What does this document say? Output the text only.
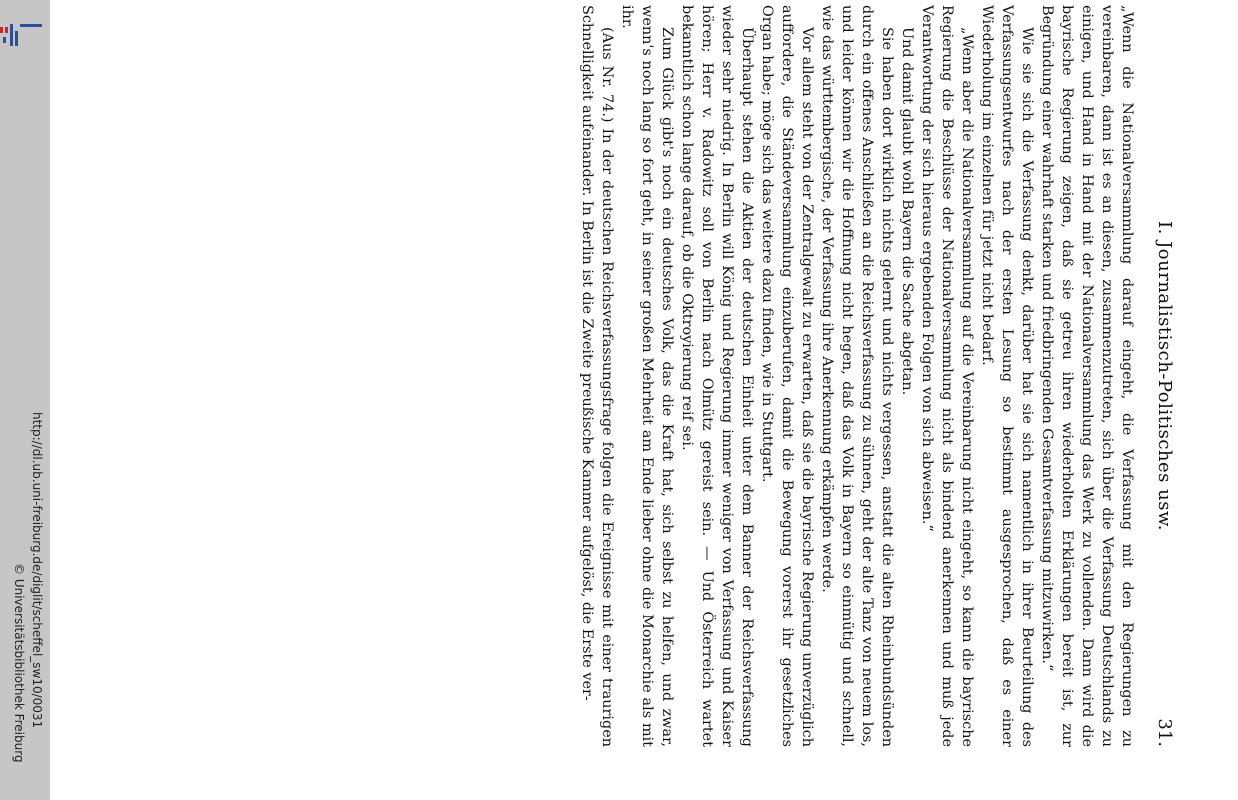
http://dl.ub.uni-freiburg.de/diglit/scheffel_sw10/0031
© Universitätsbibliothek Freiburg
I. Journalistisch-Politisches usw.
31.

„Wenn die Nationalversammlung darauf eingeht, die Verfassung mit den Regierungen zu vereinbaren, dann ist es an diesen, zusammenzutreten, sich über die Verfassung Deutschlands zu einigen, und Hand in Hand mit der Nationalversammlung das Werk zu vollenden. Dann wird die bayrische Regierung zeigen, daß sie getreu ihren wiederholten Erklärungen bereit ist, zur Begründung einer wahrhaft starken und friedbringenden Gesamtverfassung mitzuwirken.“

Wie sie sich die Verfassung denkt, darüber hat sie sich namentlich in ihrer Beurteilung des Verfassungsentwurfes nach der ersten Lesung so bestimmt ausgesprochen, daß es einer Wiederholung im einzelnen für jetzt nicht bedarf.

„Wenn aber die Nationalversammlung auf die Vereinbarung nicht eingeht, so kann die bayrische Regierung die Beschlüsse der Nationalversammlung nicht als bindend anerkennen und muß jede Verantwortung der sich hieraus ergebenden Folgen von sich abweisen.“

Und damit glaubt wohl Bayern die Sache abgetan.

Sie haben dort wirklich nichts gelernt und nichts vergessen, anstatt die alten Rheinbundsünden durch ein offenes Anschließen an die Reichsverfassung zu sühnen, geht der alte Tanz von neuem los, und leider können wir die Hoffnung nicht hegen, daß das Volk in Bayern so einmütig und schnell, wie das württembergische, der Verfassung ihre Anerkennung erkämpfen werde.

Vor allem steht von der Zentralgewalt zu erwarten, daß sie die bayrische Regierung unverzüglich auffordere, die Ständeversammlung einzuberufen, damit die Bewegung vorerst ihr gesetzliches Organ habe; möge sich das weitere dazu finden, wie in Stuttgart.

Überhaupt stehen die Aktien der deutschen Einheit unter dem Banner der Reichsverfassung wieder sehr niedrig. In Berlin will König und Regierung immer weniger von Verfassung und Kaiser hören; Herr v. Radowitz soll von Berlin nach Olmütz gereist sein. — Und Österreich wartet bekanntlich schon lange darauf, ob die Oktroyierung reif sei.

Zum Glück gibt's noch ein deutsches Volk, das die Kraft hat, sich selbst zu helfen, und zwar, wenn's noch lang so fort geht, in seiner großen Mehrheit am Ende lieber ohne die Monarchie als mit ihr.

(Aus Nr. 74.) In der deutschen Reichsverfassungsfrage folgen die Ereignisse mit einer traurigen Schnelligkeit aufeinander. In Berlin ist die Zweite preußische Kammer aufgelöst, die Erste ver-
